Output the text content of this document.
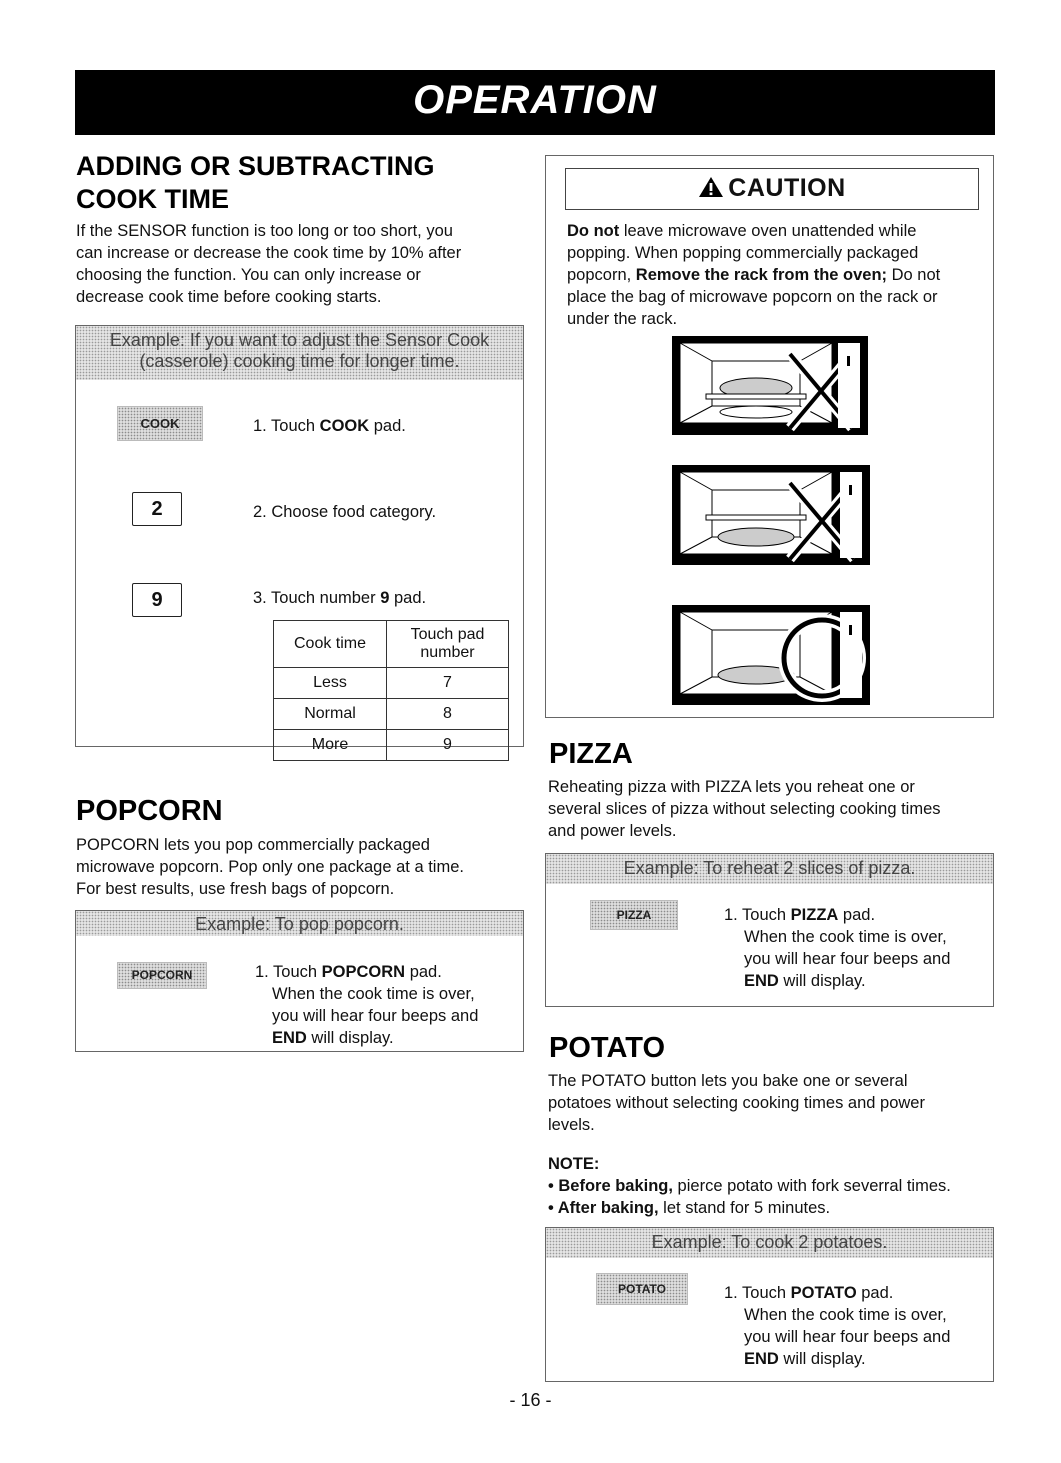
OPERATION
ADDING OR SUBTRACTING
COOK TIME
If the SENSOR function is too long or too short, you
can increase or decrease the cook time by 10% after
choosing the function. You can only increase or
decrease cook time before cooking starts.
Example: If you want to adjust the Sensor Cook
(casserole) cooking time for longer time.
COOK	1. Touch COOK pad.
2	2. Choose food category.
9	3. Touch number 9 pad.
Cook time	Touch pad number
Less	7
Normal	8
More	9
POPCORN
POPCORN lets you pop commercially packaged
microwave popcorn. Pop only one package at a time.
For best results, use fresh bags of popcorn.
Example: To pop popcorn.
POPCORN	1. Touch POPCORN pad.
When the cook time is over,
you will hear four beeps and
END will display.
CAUTION
Do not leave microwave oven unattended while
popping. When popping commercially packaged
popcorn, Remove the rack from the oven; Do not
place the bag of microwave popcorn on the rack or
under the rack.
PIZZA
Reheating pizza with PIZZA lets you reheat one or
several slices of pizza without selecting cooking times
and power levels.
Example: To reheat 2 slices of pizza.
PIZZA	1. Touch PIZZA pad.
When the cook time is over,
you will hear four beeps and
END will display.
POTATO
The POTATO button lets you bake one or several
potatoes without selecting cooking times and power
levels.
NOTE:
• Before baking, pierce potato with fork severral times.
• After baking, let stand for 5 minutes.
Example: To cook 2 potatoes.
POTATO	1. Touch POTATO pad.
When the cook time is over,
you will hear four beeps and
END will display.
- 16 -
